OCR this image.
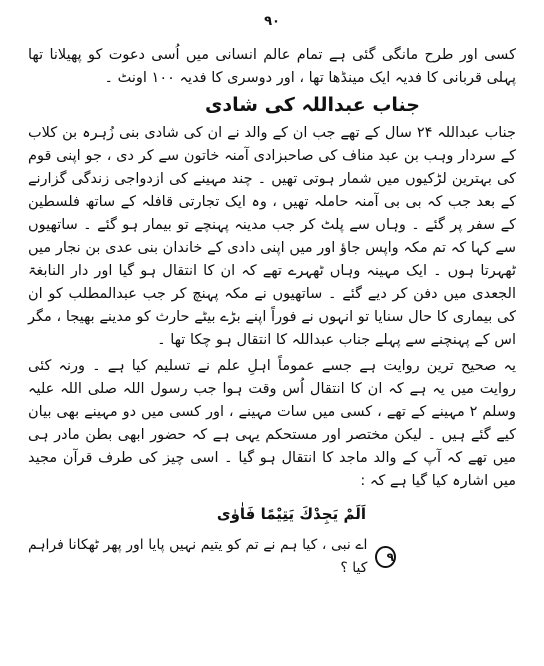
۹۰

کسی اور طرح مانگی گئی ہے تمام عالم انسانی میں اُسی دعوت کو پھیلانا تھا پہلی قربانی کا فدیہ ایک مینڈھا تھا ، اور دوسری کا فدیہ ۱۰۰ اونٹ ۔

جناب عبداللہ کی شادی

جناب عبداللہ ۲۴ سال کے تھے جب ان کے والد نے ان کی شادی بنی زُہرہ بن کلاب کے سردار وہب بن عبد مناف کی صاحبزادی آمنہ خاتون سے کر دی ، جو اپنی قوم کی بہترین لڑکیوں میں شمار ہوتی تھیں ۔ چند مہینے کی ازدواجی زندگی گزارنے کے بعد جب کہ بی بی آمنہ حاملہ تھیں ، وہ ایک تجارتی قافلہ کے ساتھ فلسطین کے سفر پر گئے ۔ وہاں سے پلٹ کر جب مدینہ پہنچے تو بیمار ہو گئے ۔ ساتھیوں سے کہا کہ تم مکہ واپس جاؤ اور میں اپنی دادی کے خاندان بنی عدی بن نجار میں ٹھہرتا ہوں ۔ ایک مہینہ وہاں ٹھہرے تھے کہ ان کا انتقال ہو گیا اور دار النابغۃ الجعدی میں دفن کر دیے گئے ۔ ساتھیوں نے مکہ پہنچ کر جب عبدالمطلب کو ان کی بیماری کا حال سنایا تو انہوں نے فوراً اپنے بڑے بیٹے حارث کو مدینے بھیجا ، مگر اس کے پہنچنے سے پہلے جناب عبداللہ کا انتقال ہو چکا تھا ۔

یہ صحیح ترین روایت ہے جسے عموماً اہلِ علم نے تسلیم کیا ہے ۔ ورنہ کئی روایت میں یہ ہے کہ ان کا انتقال اُس وقت ہوا جب رسول اللہ صلی اللہ علیہ وسلم ۲ مہینے کے تھے ، کسی میں سات مہینے ، اور کسی میں دو مہینے بھی بیان کیے گئے ہیں ۔ لیکن مختصر اور مستحکم یہی ہے کہ حضور ابھی بطن مادر ہی میں تھے کہ آپ کے والد ماجد کا انتقال ہو گیا ۔ اسی چیز کی طرف قرآن مجید میں اشارہ کیا گیا ہے کہ :

اَلَمْ یَجِدْكَ یَتِیْمًا فَاٰوٰى
۹
اے نبی ، کیا ہم نے تم کو یتیم نہیں پایا اور پھر ٹھکانا فراہم کیا ؟
